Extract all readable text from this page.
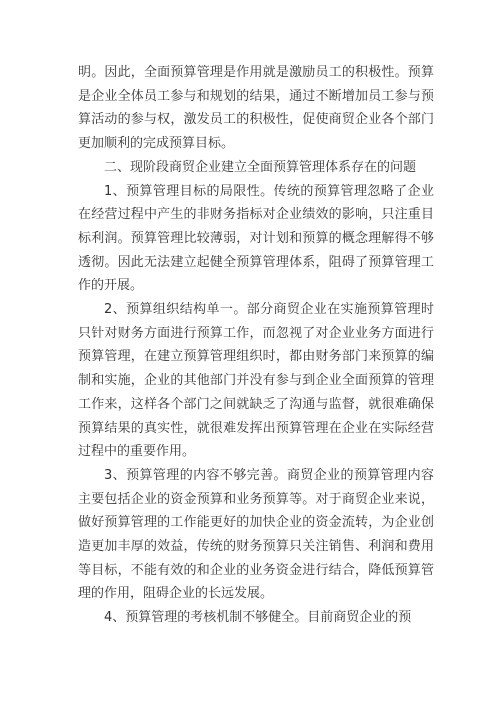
明。因此，全面预算管理是作用就是激励员工的积极性。预算是企业全体员工参与和规划的结果，通过不断增加员工参与预算活动的参与权，激发员工的积极性，促使商贸企业各个部门更加顺利的完成预算目标。

二、现阶段商贸企业建立全面预算管理体系存在的问题

1、预算管理目标的局限性。传统的预算管理忽略了企业在经营过程中产生的非财务指标对企业绩效的影响，只注重目标利润。预算管理比较薄弱，对计划和预算的概念理解得不够透彻。因此无法建立起健全预算管理体系，阻碍了预算管理工作的开展。

2、预算组织结构单一。部分商贸企业在实施预算管理时只针对财务方面进行预算工作，而忽视了对企业业务方面进行预算管理，在建立预算管理组织时，都由财务部门来预算的编制和实施，企业的其他部门并没有参与到企业全面预算的管理工作来，这样各个部门之间就缺乏了沟通与监督，就很难确保预算结果的真实性，就很难发挥出预算管理在企业在实际经营过程中的重要作用。

3、预算管理的内容不够完善。商贸企业的预算管理内容主要包括企业的资金预算和业务预算等。对于商贸企业来说，做好预算管理的工作能更好的加快企业的资金流转，为企业创造更加丰厚的效益，传统的财务预算只关注销售、利润和费用等目标，不能有效的和企业的业务资金进行结合，降低预算管理的作用，阻碍企业的长远发展。

4、预算管理的考核机制不够健全。目前商贸企业的预
